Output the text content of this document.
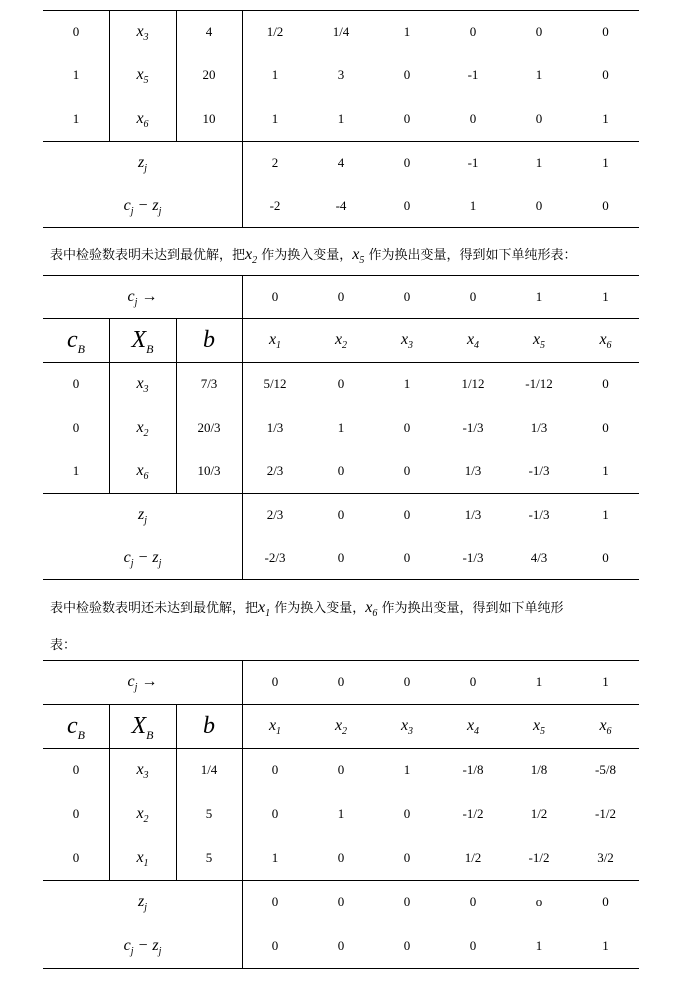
0	$x_3$	4	1/2	1/4	1	0	0	0
1	$x_5$	20	1	3	0	-1	1	0
1	$x_6$	10	1	1	0	0	0	1
$z_j$	2	4	0	-1	1	1
$c_j - z_j$	-2	-4	0	1	0	0
表中检验数表明未达到最优解，把$x_2$ 作为换入变量，$x_5$ 作为换出变量，得到如下单纯形表：
$c_j$ →	0	0	0	0	1	1
$c_B$	$X_B$	b	$x_1$	$x_2$	$x_3$	$x_4$	$x_5$	$x_6$
0	$x_3$	7/3	5/12	0	1	1/12	-1/12	0
0	$x_2$	20/3	1/3	1	0	-1/3	1/3	0
1	$x_6$	10/3	2/3	0	0	1/3	-1/3	1
$z_j$	2/3	0	0	1/3	-1/3	1
$c_j - z_j$	-2/3	0	0	-1/3	4/3	0
表中检验数表明还未达到最优解，把$x_1$ 作为换入变量，$x_6$ 作为换出变量，得到如下单纯形
表：
$c_j$ →	0	0	0	0	1	1
$c_B$	$X_B$	b	$x_1$	$x_2$	$x_3$	$x_4$	$x_5$	$x_6$
0	$x_3$	1/4	0	0	1	-1/8	1/8	-5/8
0	$x_2$	5	0	1	0	-1/2	1/2	-1/2
0	$x_1$	5	1	0	0	1/2	-1/2	3/2
$z_j$	0	0	0	0	o	0
$c_j - z_j$	0	0	0	0	1	1
